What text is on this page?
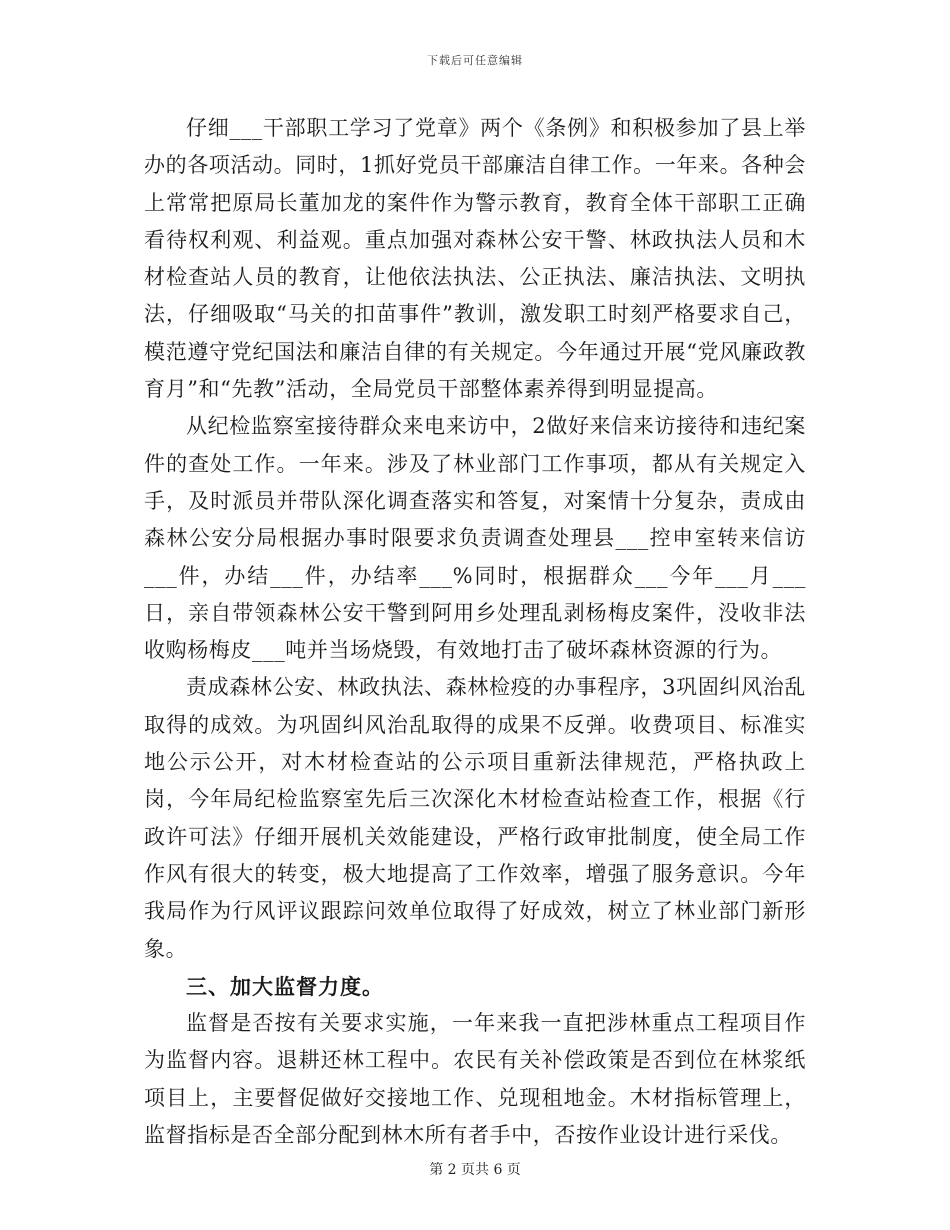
下载后可任意编辑

仔细___干部职工学习了党章》两个《条例》和积极参加了县上举办的各项活动。同时，1抓好党员干部廉洁自律工作。一年来。各种会上常常把原局长董加龙的案件作为警示教育，教育全体干部职工正确看待权利观、利益观。重点加强对森林公安干警、林政执法人员和木材检查站人员的教育，让他依法执法、公正执法、廉洁执法、文明执法，仔细吸取“马关的扣苗事件”教训，激发职工时刻严格要求自己，模范遵守党纪国法和廉洁自律的有关规定。今年通过开展“党风廉政教育月”和“先教”活动，全局党员干部整体素养得到明显提高。

从纪检监察室接待群众来电来访中，2做好来信来访接待和违纪案件的查处工作。一年来。涉及了林业部门工作事项，都从有关规定入手，及时派员并带队深化调查落实和答复，对案情十分复杂，责成由森林公安分局根据办事时限要求负责调查处理县___控申室转来信访___件，办结___件，办结率___%同时，根据群众___今年___月___日，亲自带领森林公安干警到阿用乡处理乱剥杨梅皮案件，没收非法收购杨梅皮___吨并当场烧毁，有效地打击了破坏森林资源的行为。

责成森林公安、林政执法、森林检疫的办事程序，3巩固纠风治乱取得的成效。为巩固纠风治乱取得的成果不反弹。收费项目、标准实地公示公开，对木材检查站的公示项目重新法律规范，严格执政上岗，今年局纪检监察室先后三次深化木材检查站检查工作，根据《行政许可法》仔细开展机关效能建设，严格行政审批制度，使全局工作作风有很大的转变，极大地提高了工作效率，增强了服务意识。今年我局作为行风评议跟踪问效单位取得了好成效，树立了林业部门新形象。

三、加大监督力度。

监督是否按有关要求实施，一年来我一直把涉林重点工程项目作为监督内容。退耕还林工程中。农民有关补偿政策是否到位在林浆纸项目上，主要督促做好交接地工作、兑现租地金。木材指标管理上，监督指标是否全部分配到林木所有者手中，否按作业设计进行采伐。

第 2 页共 6 页
